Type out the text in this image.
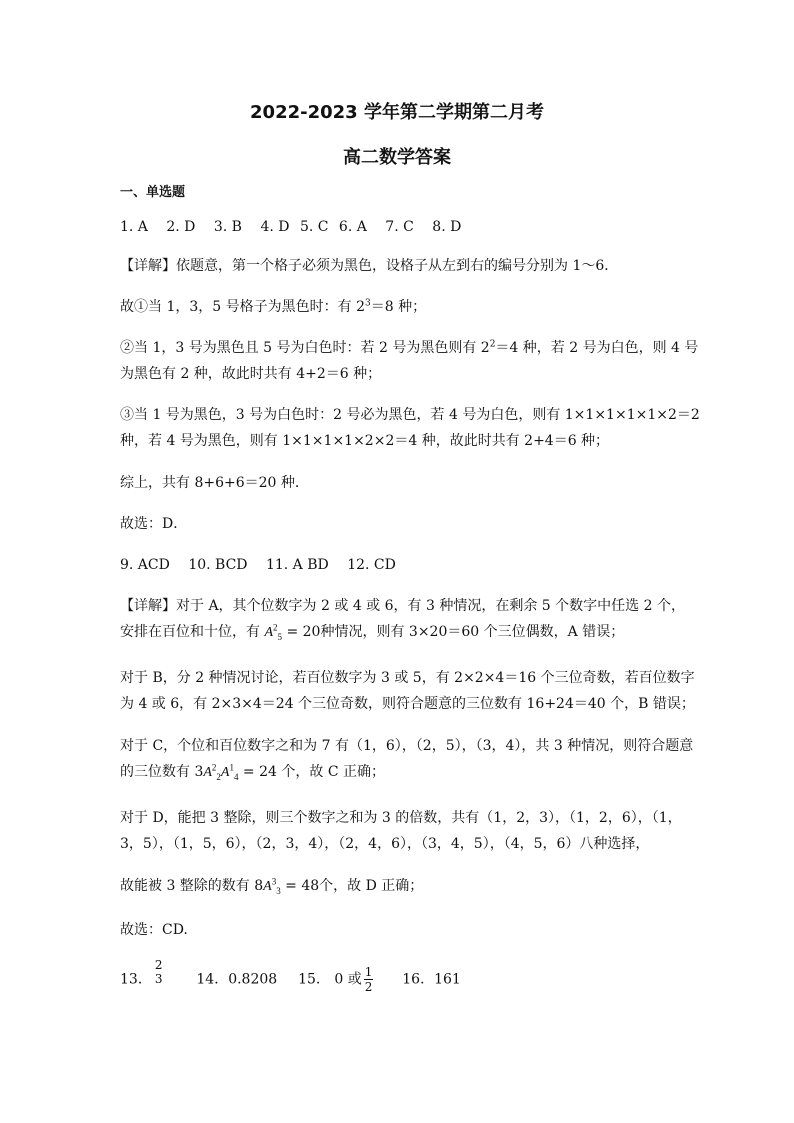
2022-2023 学年第二学期第二月考
高二数学答案
一、单选题
1. A 2. D 3. B 4. D 5. C 6. A 7. C 8. D
【详解】依题意，第一个格子必须为黑色，设格子从左到右的编号分别为 1～6．
故①当 1，3，5 号格子为黑色时：有 $2^3=8$ 种；
②当 1，3 号为黑色且 5 号为白色时：若 2 号为黑色则有 $2^2=4$ 种，若 2 号为白色，则 4 号
为黑色有 2 种，故此时共有 4+2＝6 种；
③当 1 号为黑色，3 号为白色时：2 号必为黑色，若 4 号为白色，则有 1×1×1×1×1×2＝2
种，若 4 号为黑色，则有 1×1×1×1×2×2＝4 种，故此时共有 2+4＝6 种；
综上，共有 8+6+6＝20 种．
故选：D．
9. ACD 10. BCD 11. A BD 12. CD
【详解】对于 A，其个位数字为 2 或 4 或 6，有 3 种情况，在剩余 5 个数字中任选 2 个，
安排在百位和十位，有 $A^2_5 = 20$种情况，则有 3×20＝60 个三位偶数，A 错误；
对于 B，分 2 种情况讨论，若百位数字为 3 或 5，有 2×2×4＝16 个三位奇数，若百位数字
为 4 或 6，有 2×3×4＝24 个三位奇数，则符合题意的三位数有 16+24＝40 个，B 错误；
对于 C，个位和百位数字之和为 7 有（1，6），（2，5），（3，4），共 3 种情况，则符合题意
的三位数有 $3A^2_2A^1_4 = 24$ 个，故 C 正确；
对于 D，能把 3 整除，则三个数字之和为 3 的倍数，共有（1，2，3），（1，2，6），（1，
3，5），（1，5，6），（2，3，4），（2，4，6），（3，4，5），（4，5，6）八种选择，
故能被 3 整除的数有 $8A^3_3 = 48$个，故 D 正确；
故选：CD.
13．
2
3 14．0.8208 15.　0 或 $\frac{1}{2} 16$．161
